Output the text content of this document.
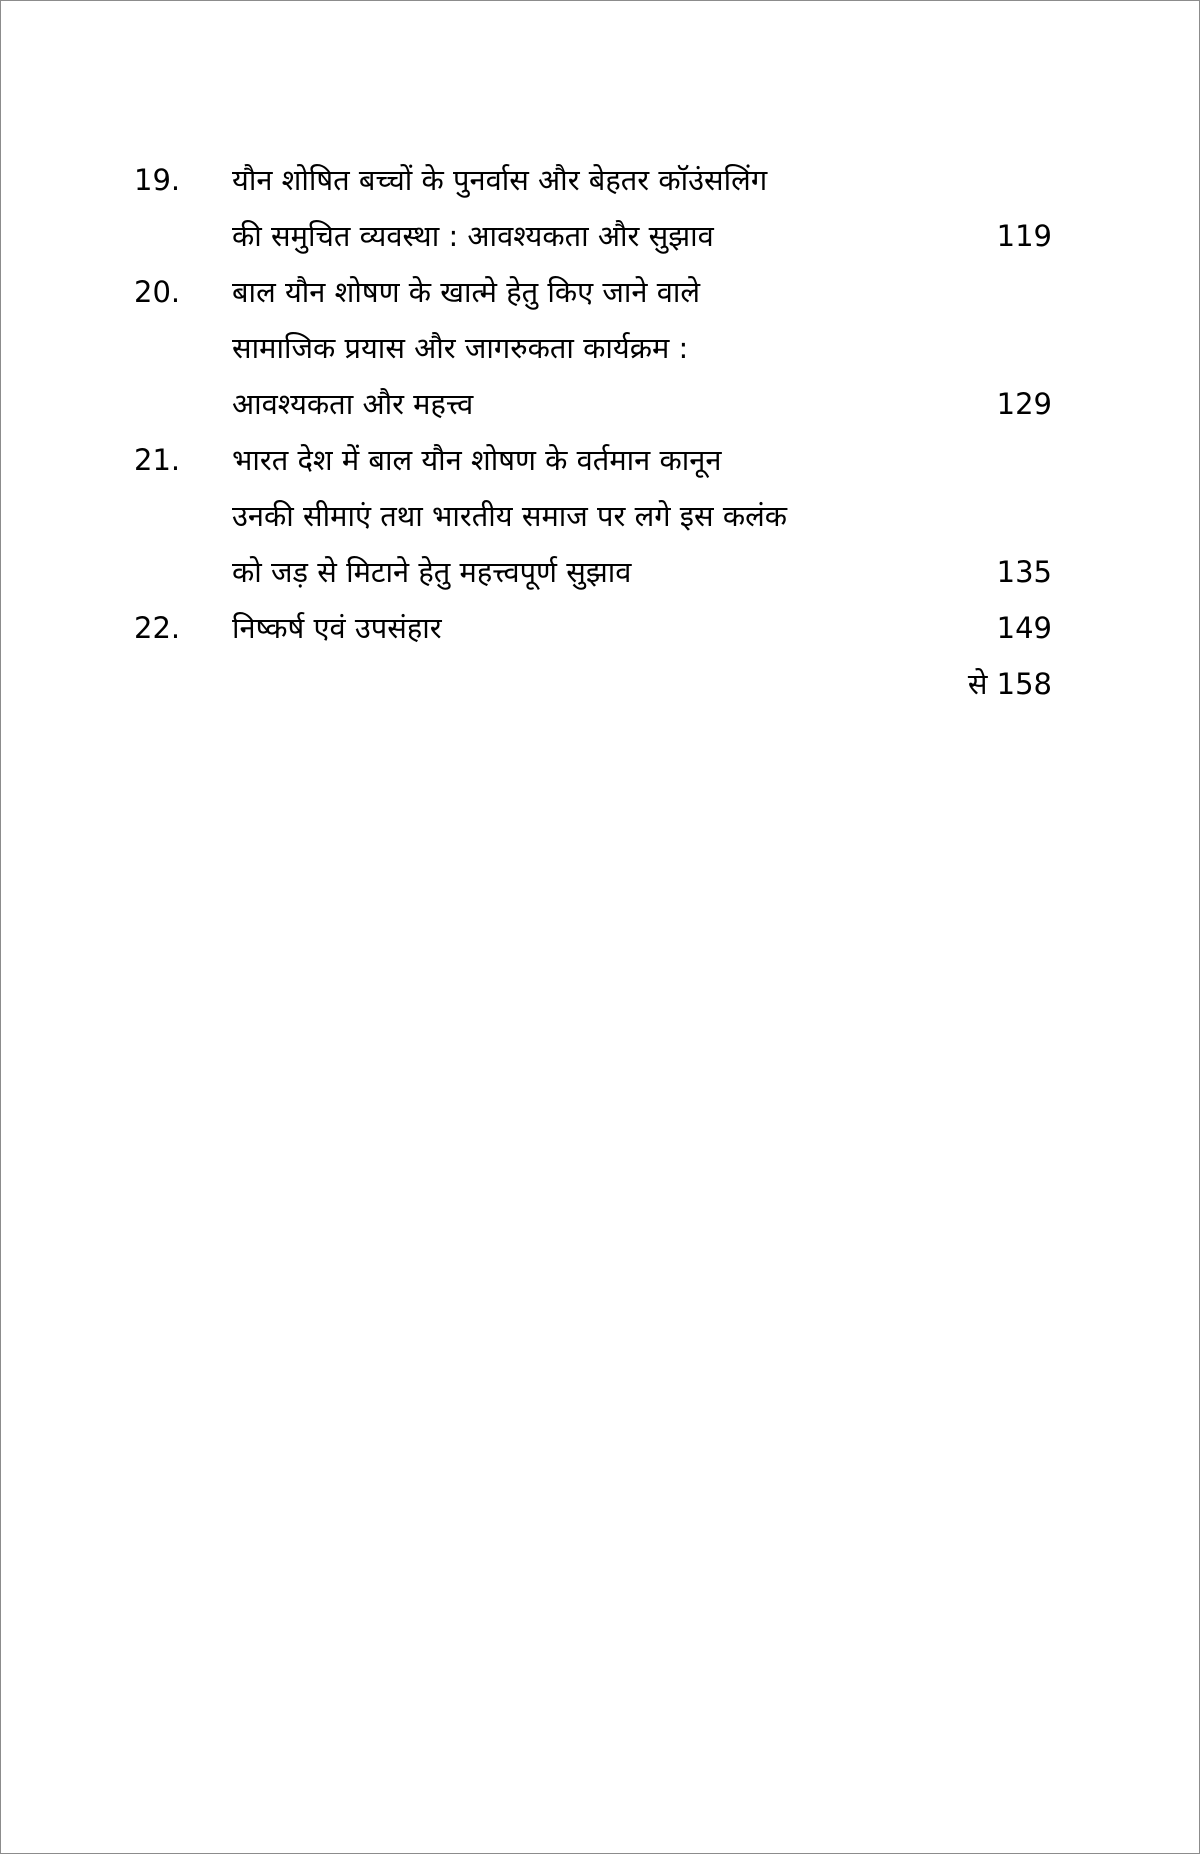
19. यौन शोषित बच्चों के पुनर्वास और बेहतर कॉउंसलिंग
की समुचित व्यवस्था : आवश्यकता और सुझाव	119
20. बाल यौन शोषण के खात्मे हेतु किए जाने वाले
सामाजिक प्रयास और जागरुकता कार्यक्रम :
आवश्यकता और महत्त्व	129
21. भारत देश में बाल यौन शोषण के वर्तमान कानून
उनकी सीमाएं तथा भारतीय समाज पर लगे इस कलंक
को जड़ से मिटाने हेतु महत्त्वपूर्ण सुझाव	135
22. निष्कर्ष एवं उपसंहार	149
से 158
